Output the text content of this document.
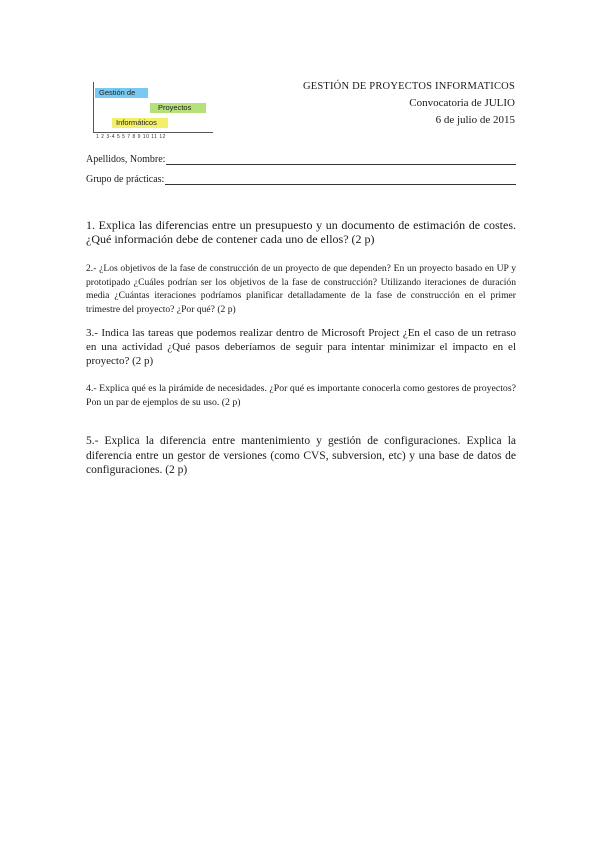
Gestión de
Proyectos
Informáticos
1 2 3-4 5 5 7 8 9 10 11 12
GESTIÓN DE PROYECTOS INFORMATICOS
Convocatoria de JULIO
6 de julio de 2015
Apellidos, Nombre:
Grupo de prácticas:

1. Explica las diferencias entre un presupuesto y un documento de estimación de costes. ¿Qué información debe de contener cada uno de ellos? (2 p)

2.- ¿Los objetivos de la fase de construcción de un proyecto de que dependen? En un proyecto basado en UP y prototipado ¿Cuáles podrían ser los objetivos de la fase de construcción? Utilizando iteraciones de duración media ¿Cuántas iteraciones podríamos planificar detalladamente de la fase de construcción en el primer trimestre del proyecto? ¿Por qué? (2 p)

3.- Indica las tareas que podemos realizar dentro de Microsoft Project ¿En el caso de un retraso en una actividad ¿Qué pasos deberíamos de seguir para intentar minimizar el impacto en el proyecto? (2 p)

4.- Explica qué es la pirámide de necesidades. ¿Por qué es importante conocerla como gestores de proyectos? Pon un par de ejemplos de su uso. (2 p)

5.- Explica la diferencia entre mantenimiento y gestión de configuraciones. Explica la diferencia entre un gestor de versiones (como CVS, subversion, etc) y una base de datos de configuraciones. (2 p)
